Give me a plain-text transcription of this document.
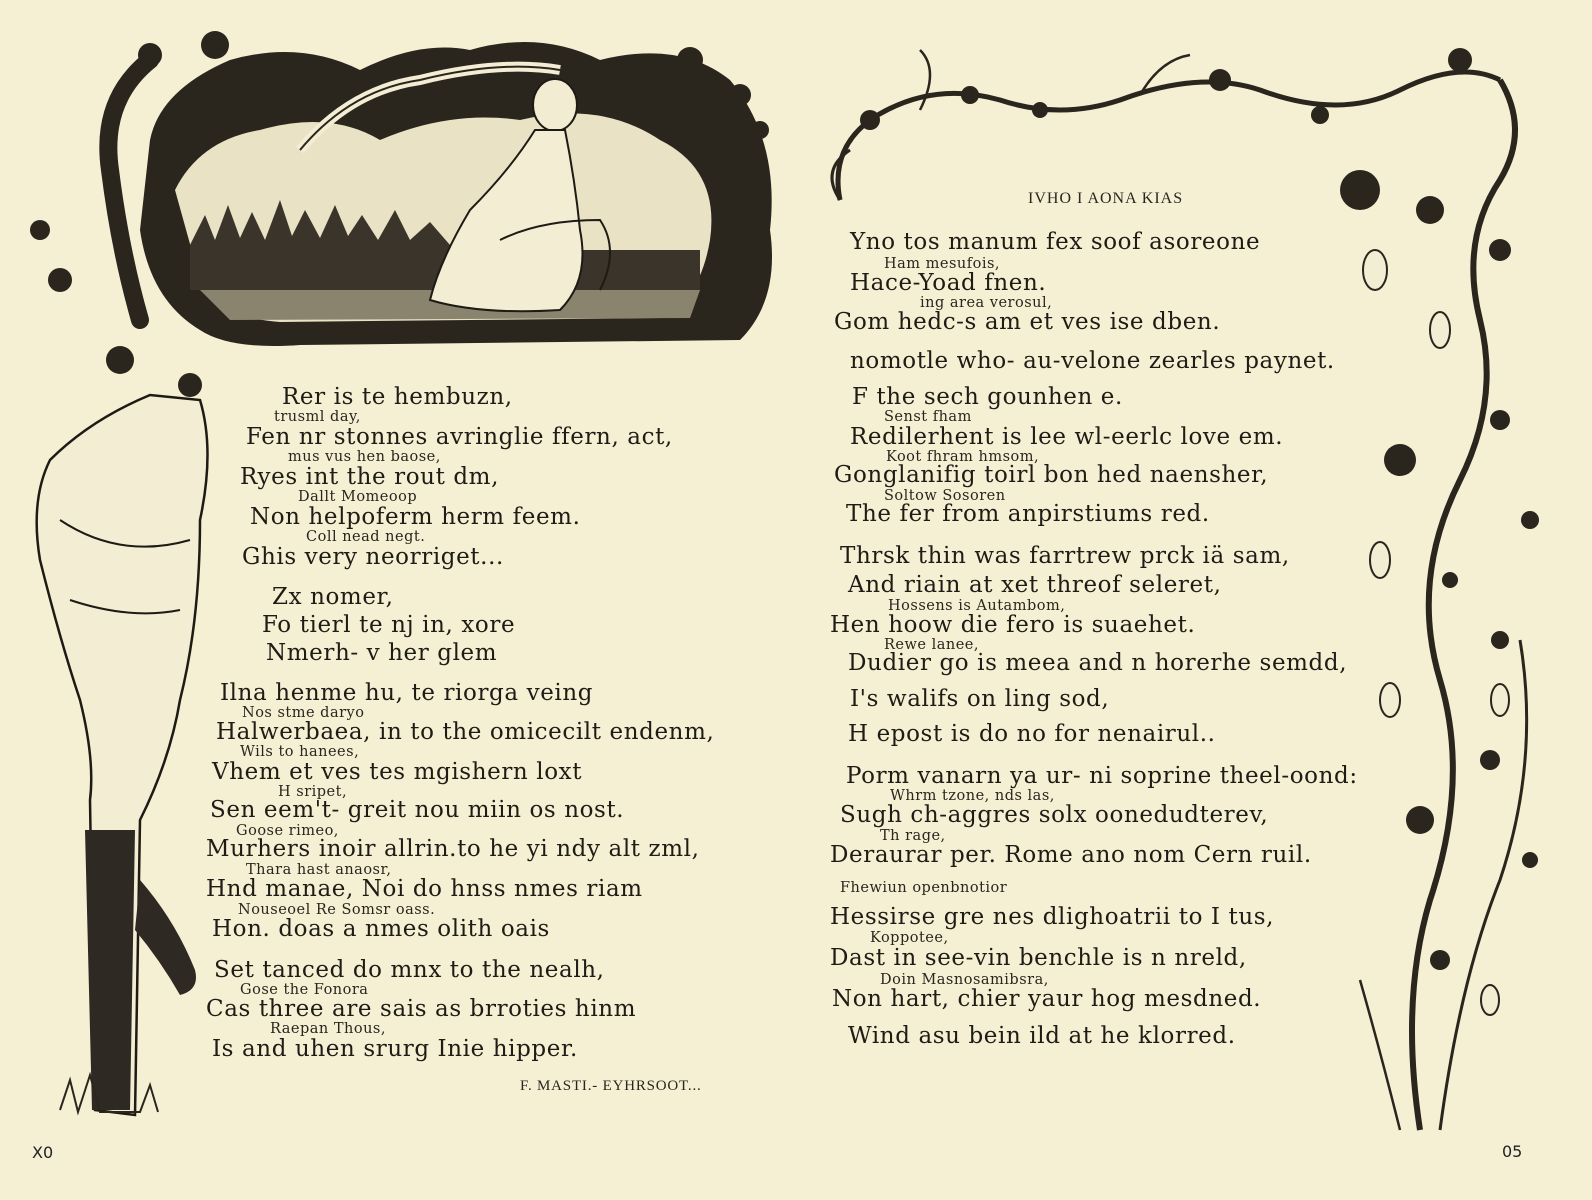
Rer is te hembuzn,
trusml day,
Fen nr stonnes avringlie ffern, act,
mus vus hen baose,
Ryes int the rout dm,
Dallt Momeoop
Non helpoferm herm feem.
Coll nead negt.
Ghis very neorriget...
Zx nomer,
Fo tierl te nj in, xore
Nmerh- v her glem
Ilna henme hu, te riorga veing
Nos stme daryo
Halwerbaea, in to the omicecilt endenm,
Wils to hanees,
Vhem et ves tes mgishern loxt
H sripet,
Sen eem't- greit nou miin os nost.
Goose rimeo,
Murhers inoir allrin.to he yi ndy alt zml,
Thara hast anaosr,
Hnd manae, Noi do hnss nmes riam
Nouseoel Re Somsr oass.
Hon. doas a nmes olith oais
Set tanced do mnx to the nealh,
Gose the Fonora
Cas three are sais as brroties hinm
Raepan Thous,
Is and uhen srurg Inie hipper.
F. MASTI.- EYHRSOOT...
X0
IVHO I AONA KIAS
Yno tos manum fex soof asoreone
Ham mesufois,
Hace-Yoad fnen.
ing area verosul,
Gom hedc-s am et ves ise dben.
nomotle who- au-velone zearles paynet.
F the sech gounhen e.
Senst fham
Redilerhent is lee wl-eerlc love em.
Koot fhram hmsom,
Gonglanifig toirl bon hed naensher,
Soltow Sosoren
The fer from anpirstiums red.
Thrsk thin was farrtrew prck iä sam,
And riain at xet threof seleret,
Hossens is Autambom,
Hen hoow die fero is suaehet.
Rewe lanee,
Dudier go is meea and n horerhe semdd,
I's walifs on ling sod,
H epost is do no for nenairul..
Porm vanarn ya ur- ni soprine theel-oond:
Whrm tzone, nds las,
Sugh ch-aggres solx oonedudterev,
Th rage,
Deraurar per. Rome ano nom Cern ruil.
Fhewiun openbnotior
Hessirse gre nes dlighoatrii to I tus,
Koppotee,
Dast in see-vin benchle is n nreld,
Doin Masnosamibsra,
Non hart, chier yaur hog mesdned.
Wind asu bein ild at he klorred.
05
